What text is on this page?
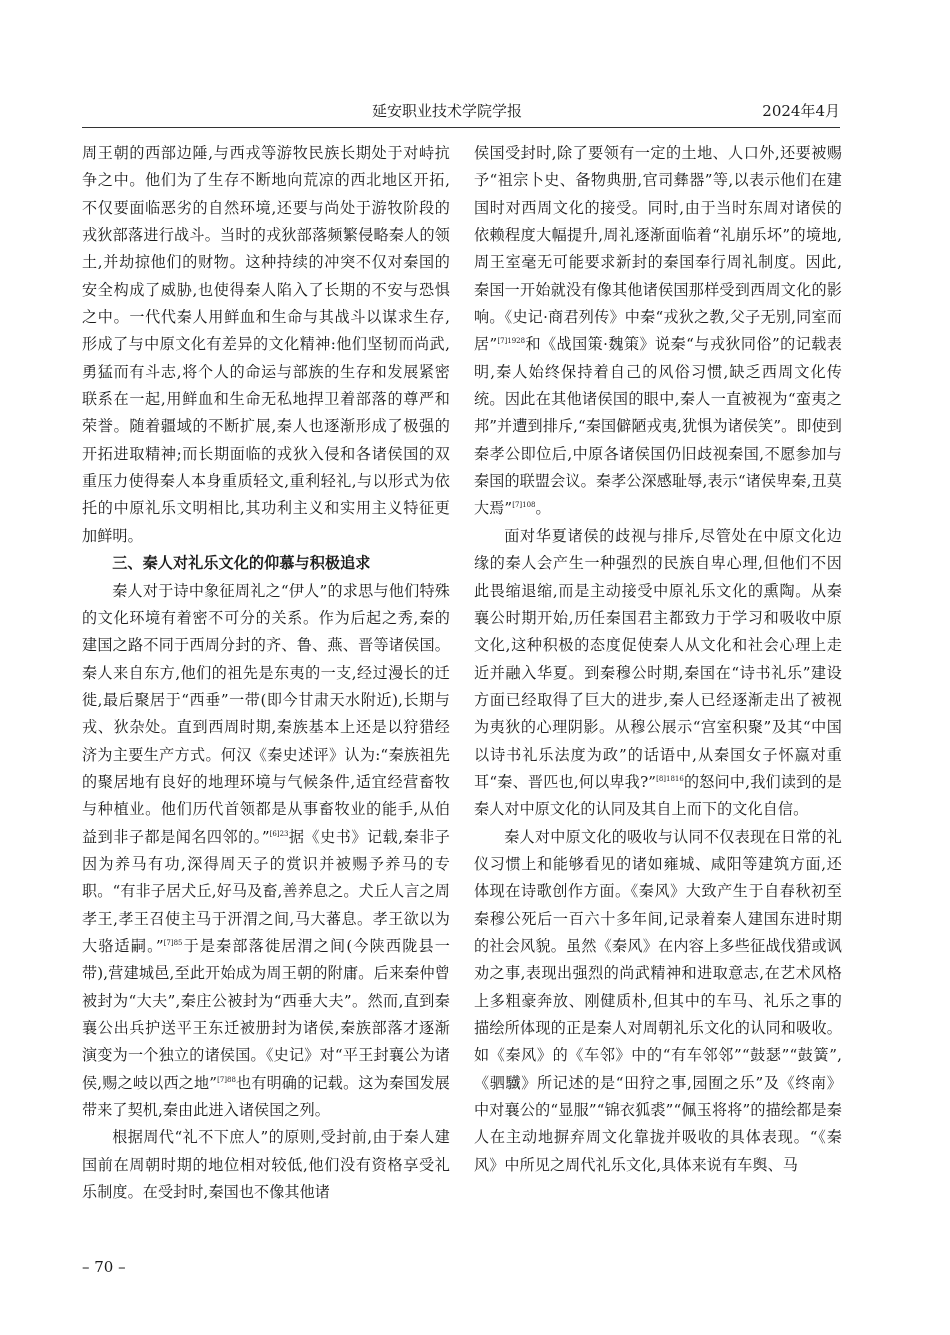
延安职业技术学院学报	2024年4月

周王朝的西部边陲,与西戎等游牧民族长期处于对峙抗争之中。他们为了生存不断地向荒凉的西北地区开拓,不仅要面临恶劣的自然环境,还要与尚处于游牧阶段的戎狄部落进行战斗。当时的戎狄部落频繁侵略秦人的领土,并劫掠他们的财物。这种持续的冲突不仅对秦国的安全构成了威胁,也使得秦人陷入了长期的不安与恐惧之中。一代代秦人用鲜血和生命与其战斗以谋求生存,形成了与中原文化有差异的文化精神:他们坚韧而尚武,勇猛而有斗志,将个人的命运与部族的生存和发展紧密联系在一起,用鲜血和生命无私地捍卫着部落的尊严和荣誉。随着疆域的不断扩展,秦人也逐渐形成了极强的开拓进取精神;而长期面临的戎狄入侵和各诸侯国的双重压力使得秦人本身重质轻文,重利轻礼,与以形式为依托的中原礼乐文明相比,其功利主义和实用主义特征更加鲜明。

三、秦人对礼乐文化的仰慕与积极追求

秦人对于诗中象征周礼之“伊人”的求思与他们特殊的文化环境有着密不可分的关系。作为后起之秀,秦的建国之路不同于西周分封的齐、鲁、燕、晋等诸侯国。秦人来自东方,他们的祖先是东夷的一支,经过漫长的迁徙,最后聚居于“西垂”一带(即今甘肃天水附近),长期与戎、狄杂处。直到西周时期,秦族基本上还是以狩猎经济为主要生产方式。何汉《秦史述评》认为:“秦族祖先的聚居地有良好的地理环境与气候条件,适宜经营畜牧与种植业。他们历代首领都是从事畜牧业的能手,从伯益到非子都是闻名四邻的。”$^{[6]23}$据《史书》记载,秦非子因为养马有功,深得周天子的赏识并被赐予养马的专职。“有非子居犬丘,好马及畜,善养息之。犬丘人言之周孝王,孝王召使主马于汧渭之间,马大蕃息。孝王欲以为大骆适嗣。”$^{[7]85}$于是秦部落徙居渭之间(今陕西陇县一带),营建城邑,至此开始成为周王朝的附庸。后来秦仲曾被封为“大夫”,秦庄公被封为“西垂大夫”。然而,直到秦襄公出兵护送平王东迁被册封为诸侯,秦族部落才逐渐演变为一个独立的诸侯国。《史记》对“平王封襄公为诸侯,赐之岐以西之地”$^{[7]88}$也有明确的记载。这为秦国发展带来了契机,秦由此进入诸侯国之列。

根据周代“礼不下庶人”的原则,受封前,由于秦人建国前在周朝时期的地位相对较低,他们没有资格享受礼乐制度。在受封时,秦国也不像其他诸

侯国受封时,除了要领有一定的土地、人口外,还要被赐予“祖宗卜史、备物典册,官司彝器”等,以表示他们在建国时对西周文化的接受。同时,由于当时东周对诸侯的依赖程度大幅提升,周礼逐渐面临着“礼崩乐坏”的境地,周王室毫无可能要求新封的秦国奉行周礼制度。因此,秦国一开始就没有像其他诸侯国那样受到西周文化的影响。《史记·商君列传》中秦“戎狄之教,父子无别,同室而居”$^{[7]1928}$和《战国策·魏策》说秦“与戎狄同俗”的记载表明,秦人始终保持着自己的风俗习惯,缺乏西周文化传统。因此在其他诸侯国的眼中,秦人一直被视为“蛮夷之邦”并遭到排斥,“秦国僻陋戎夷,犹惧为诸侯笑”。即使到秦孝公即位后,中原各诸侯国仍旧歧视秦国,不愿参加与秦国的联盟会议。秦孝公深感耻辱,表示“诸侯卑秦,丑莫大焉”$^{[7]108}$。

面对华夏诸侯的歧视与排斥,尽管处在中原文化边缘的秦人会产生一种强烈的民族自卑心理,但他们不因此畏缩退缩,而是主动接受中原礼乐文化的熏陶。从秦襄公时期开始,历任秦国君主都致力于学习和吸收中原文化,这种积极的态度促使秦人从文化和社会心理上走近并融入华夏。到秦穆公时期,秦国在“诗书礼乐”建设方面已经取得了巨大的进步,秦人已经逐渐走出了被视为夷狄的心理阴影。从穆公展示“宫室积聚”及其“中国以诗书礼乐法度为政”的话语中,从秦国女子怀嬴对重耳“秦、晋匹也,何以卑我?”$^{[8]1816}$的怒问中,我们读到的是秦人对中原文化的认同及其自上而下的文化自信。

秦人对中原文化的吸收与认同不仅表现在日常的礼仪习惯上和能够看见的诸如雍城、咸阳等建筑方面,还体现在诗歌创作方面。《秦风》大致产生于自春秋初至秦穆公死后一百六十多年间,记录着秦人建国东进时期的社会风貌。虽然《秦风》在内容上多些征战伐猎或讽劝之事,表现出强烈的尚武精神和进取意志,在艺术风格上多粗豪奔放、刚健质朴,但其中的车马、礼乐之事的描绘所体现的正是秦人对周朝礼乐文化的认同和吸收。如《秦风》的《车邻》中的“有车邻邻”“鼓瑟”“鼓簧”,《驷驖》所记述的是“田狩之事,园囿之乐”及《终南》中对襄公的“显服”“锦衣狐裘”“佩玉将将”的描绘都是秦人在主动地摒弃周文化靠拢并吸收的具体表现。“《秦风》中所见之周代礼乐文化,具体来说有车舆、马

– 70 –
